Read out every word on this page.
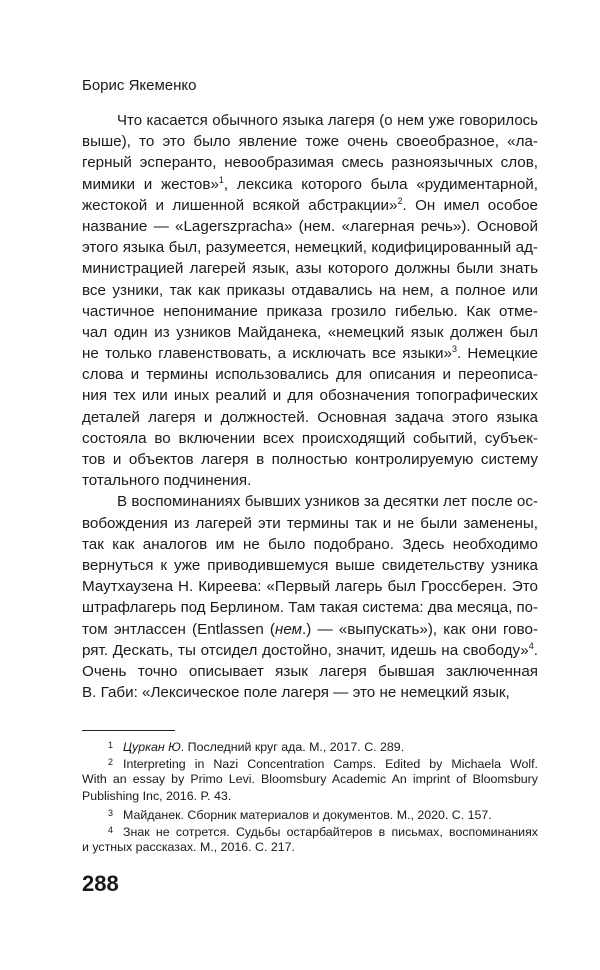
Борис Якеменко
Что касается обычного языка лагеря (о нем уже говорилось
выше), то это было явление тоже очень своеобразное, «ла-
герный эсперанто, невообразимая смесь разноязычных слов,
мимики и жестов»$^1$, лексика которого была «рудиментарной,
жестокой и лишенной всякой абстракции»$^2$. Он имел особое
название — «Lagerszpracha» (нем. «лагерная речь»). Основой
этого языка был, разумеется, немецкий, кодифицированный ад-
министрацией лагерей язык, азы которого должны были знать
все узники, так как приказы отдавались на нем, а полное или
частичное непонимание приказа грозило гибелью. Как отме-
чал один из узников Майданека, «немецкий язык должен был
не только главенствовать, а исключать все языки»$^3$. Немецкие
слова и термины использовались для описания и переописа-
ния тех или иных реалий и для обозначения топографических
деталей лагеря и должностей. Основная задача этого языка
состояла во включении всех происходящий событий, субъек-
тов и объектов лагеря в полностью контролируемую систему
тотального подчинения.
В воспоминаниях бывших узников за десятки лет после ос-
вобождения из лагерей эти термины так и не были заменены,
так как аналогов им не было подобрано. Здесь необходимо
вернуться к уже приводившемуся выше свидетельству узника
Маутхаузена Н. Киреева: «Первый лагерь был Гроссберен. Это
штрафлагерь под Берлином. Там такая система: два месяца, по-
том энтлассен (Entlassen (нем.) — «выпускать»), как они гово-
рят. Дескать, ты отсидел достойно, значит, идешь на свободу»$^4$.
Очень точно описывает язык лагеря бывшая заключенная
В. Габи: «Лексическое поле лагеря — это не немецкий язык,
1 Цуркан Ю. Последний круг ада. М., 2017. С. 289.
2 Interpreting in Nazi Concentration Camps. Edited by Michaela Wolf.
With an essay by Primo Levi. Bloomsbury Academic An imprint of Bloomsbury
Publishing Inc, 2016. P. 43.
3 Майданек. Сборник материалов и документов. М., 2020. С. 157.
4 Знак не сотрется. Судьбы остарбайтеров в письмах, воспоминаниях
и устных рассказах. М., 2016. С. 217.
288
